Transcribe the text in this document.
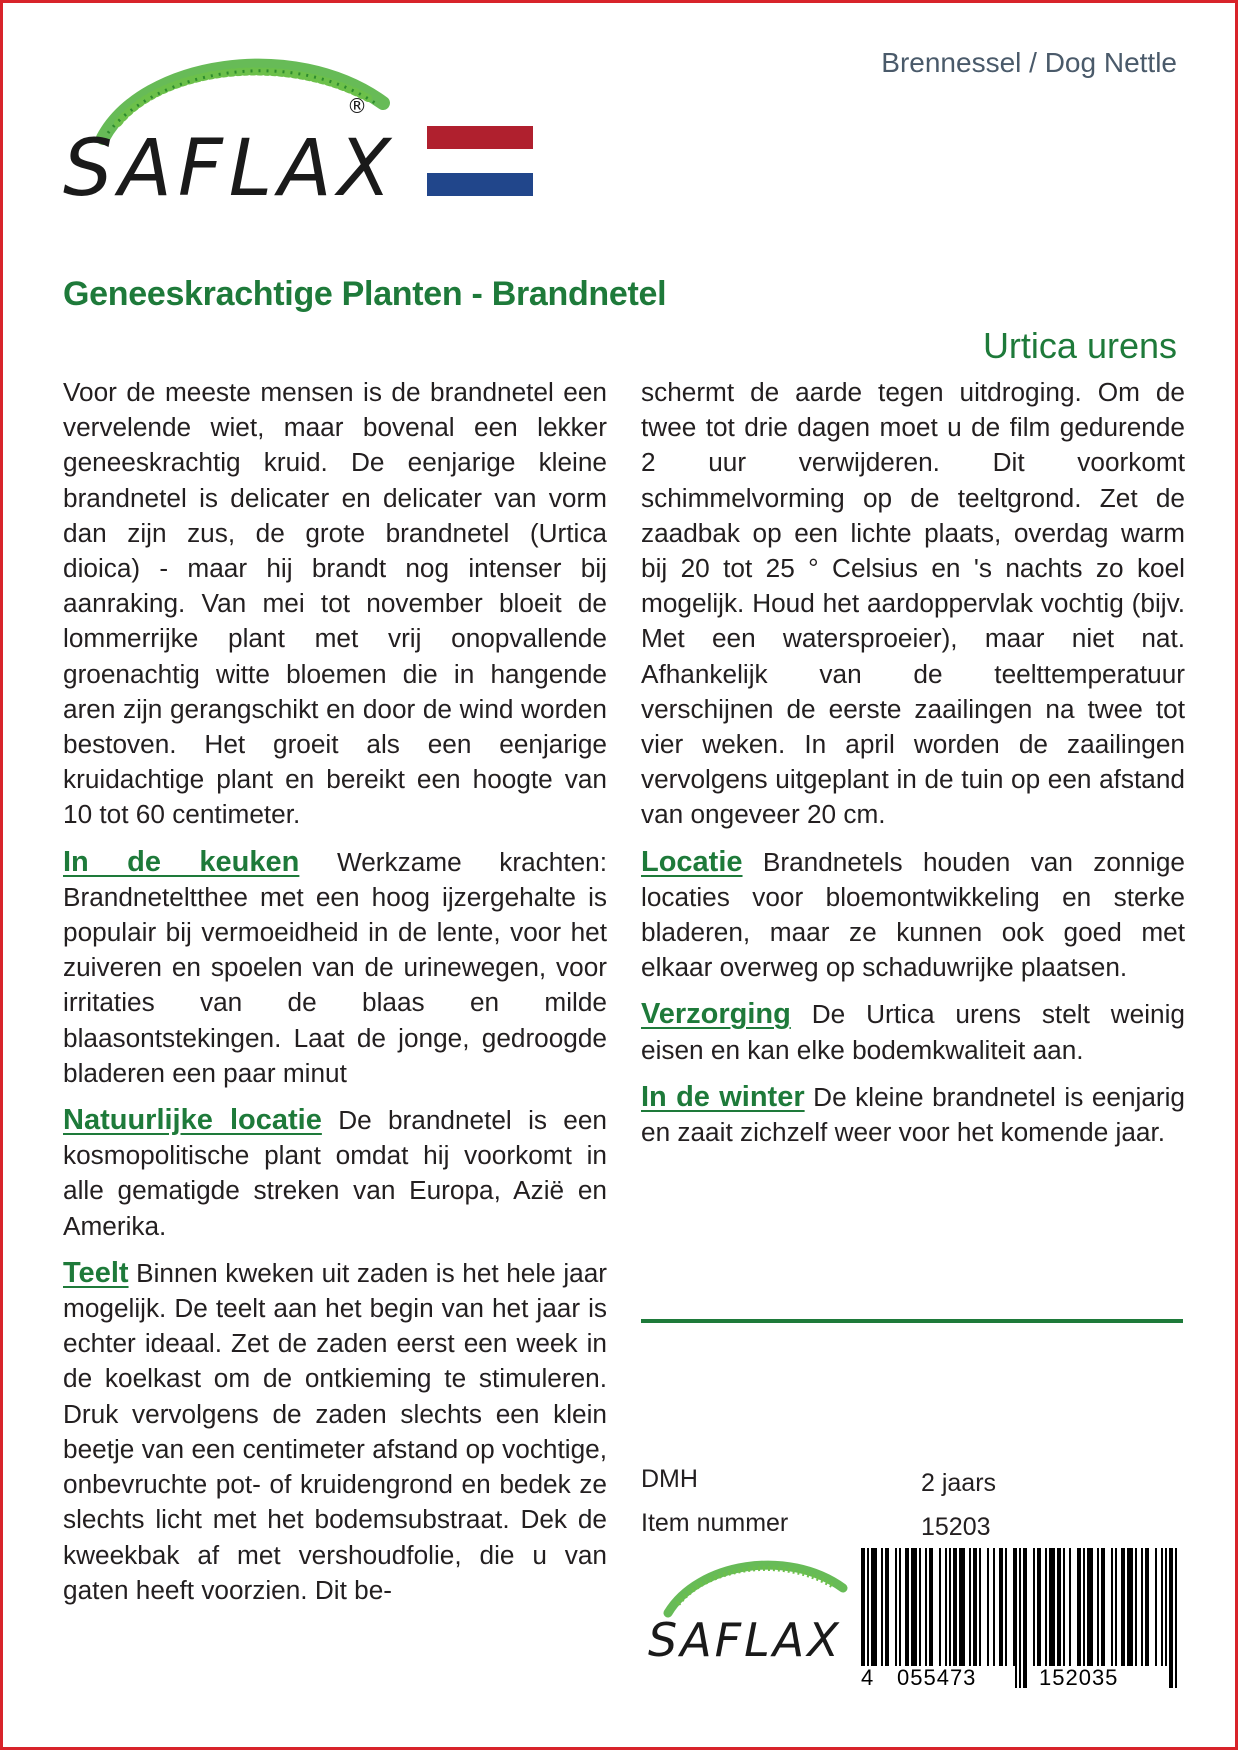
SAFLAX
®
Brennessel / Dog Nettle
Geneeskrachtige Planten - Brandnetel
Urtica urens

Voor de meeste mensen is de brandnetel een vervelende wiet, maar bovenal een lekker geneeskrachtig kruid. De eenjarige kleine brandnetel is delicater en delicater van vorm dan zijn zus, de grote brandnetel (Urtica dioica) - maar hij brandt nog intenser bij aanraking. Van mei tot november bloeit de lommerrijke plant met vrij onopvallende groenachtig witte bloemen die in hangende aren zijn gerangschikt en door de wind worden bestoven. Het groeit als een eenjarige kruidachtige plant en bereikt een hoogte van 10 tot 60 centimeter.

In de keuken Werkzame krachten: Brandneteltthee met een hoog ijzergehalte is populair bij vermoeidheid in de lente, voor het zuiveren en spoelen van de urinewegen, voor irritaties van de blaas en milde blaasontstekingen. Laat de jonge, gedroogde bladeren een paar minut

Natuurlijke locatie De brandnetel is een kosmopolitische plant omdat hij voorkomt in alle gematigde streken van Europa, Azië en Amerika.

Teelt Binnen kweken uit zaden is het hele jaar mogelijk. De teelt aan het begin van het jaar is echter ideaal. Zet de zaden eerst een week in de koelkast om de ontkieming te stimuleren. Druk vervolgens de zaden slechts een klein beetje van een centimeter afstand op vochtige, onbevruchte pot- of kruidengrond en bedek ze slechts licht met het bodemsubstraat. Dek de kweekbak af met vershoudfolie, die u van gaten heeft voorzien. Dit be-

schermt de aarde tegen uitdroging. Om de twee tot drie dagen moet u de film gedurende 2 uur verwijderen. Dit voorkomt schimmelvorming op de teeltgrond. Zet de zaadbak op een lichte plaats, overdag warm bij 20 tot 25 ° Celsius en 's nachts zo koel mogelijk. Houd het aardoppervlak vochtig (bijv. Met een watersproeier), maar niet nat. Afhankelijk van de teelttemperatuur verschijnen de eerste zaailingen na twee tot vier weken. In april worden de zaailingen vervolgens uitgeplant in de tuin op een afstand van ongeveer 20 cm.

Locatie Brandnetels houden van zonnige locaties voor bloemontwikkeling en sterke bladeren, maar ze kunnen ook goed met elkaar overweg op schaduwrijke plaatsen.

Verzorging De Urtica urens stelt weinig eisen en kan elke bodemkwaliteit aan.

In de winter De kleine brandnetel is eenjarig en zaait zichzelf weer voor het komende jaar.

DMH	2 jaars
Item nummer	15203
SAFLAX
4 055473	152035
